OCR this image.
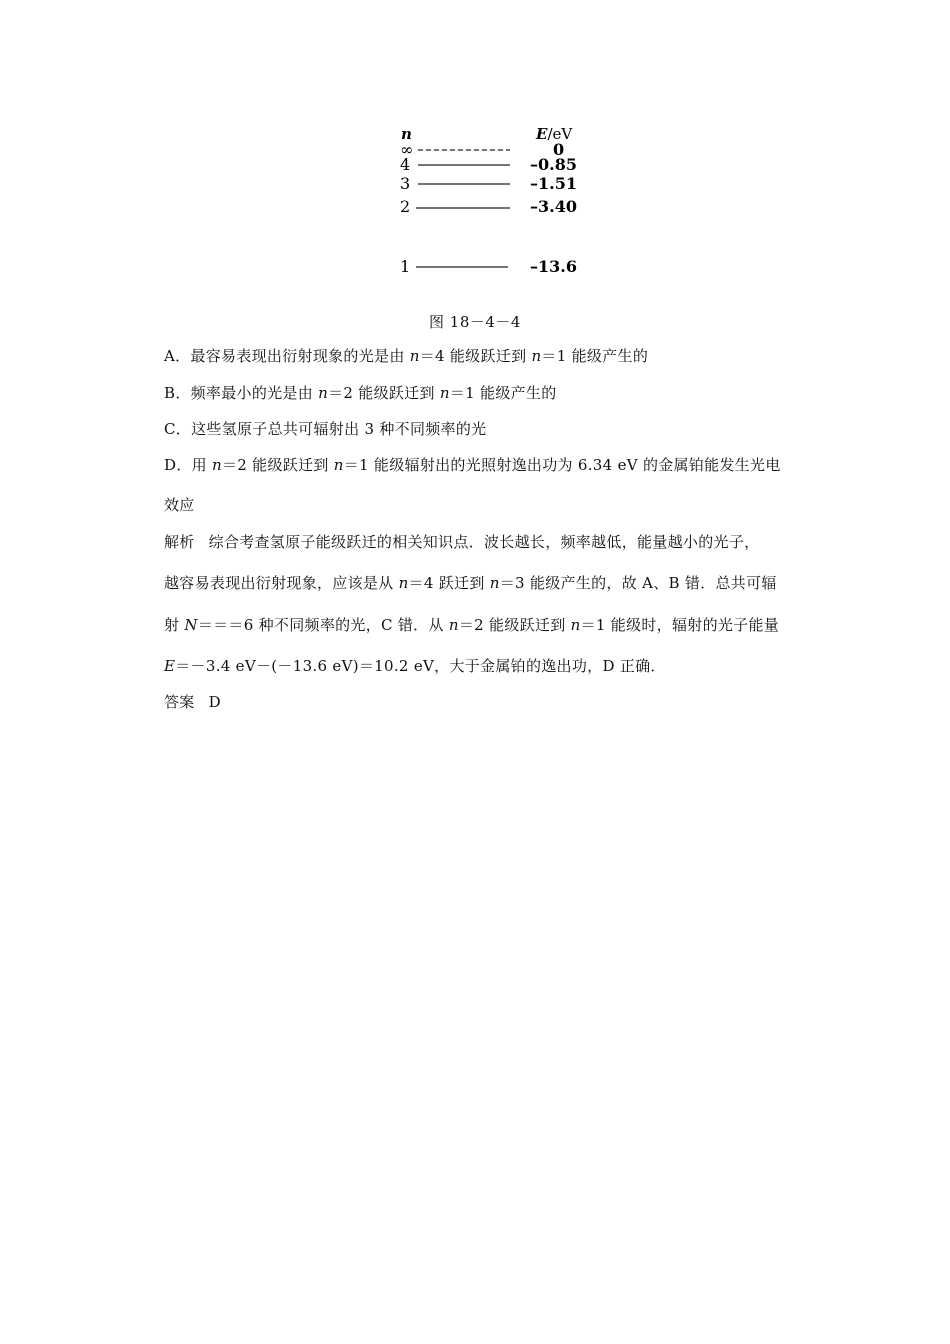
n	E/eV
∞	0
4	–0.85
3	–1.51
2	–3.40
1	–13.6
图 18－4－4
A．最容易表现出衍射现象的光是由 n＝4 能级跃迁到 n＝1 能级产生的
B．频率最小的光是由 n＝2 能级跃迁到 n＝1 能级产生的
C．这些氢原子总共可辐射出 3 种不同频率的光
D．用 n＝2 能级跃迁到 n＝1 能级辐射出的光照射逸出功为 6.34 eV 的金属铂能发生光电
效应
解析 综合考查氢原子能级跃迁的相关知识点．波长越长，频率越低，能量越小的光子，
越容易表现出衍射现象，应该是从 n＝4 跃迁到 n＝3 能级产生的，故 A、B 错．总共可辐
射 N＝＝＝6 种不同频率的光，C 错．从 n＝2 能级跃迁到 n＝1 能级时，辐射的光子能量
E＝－3.4 eV－(－13.6 eV)＝10.2 eV，大于金属铂的逸出功，D 正确．
答案 D
